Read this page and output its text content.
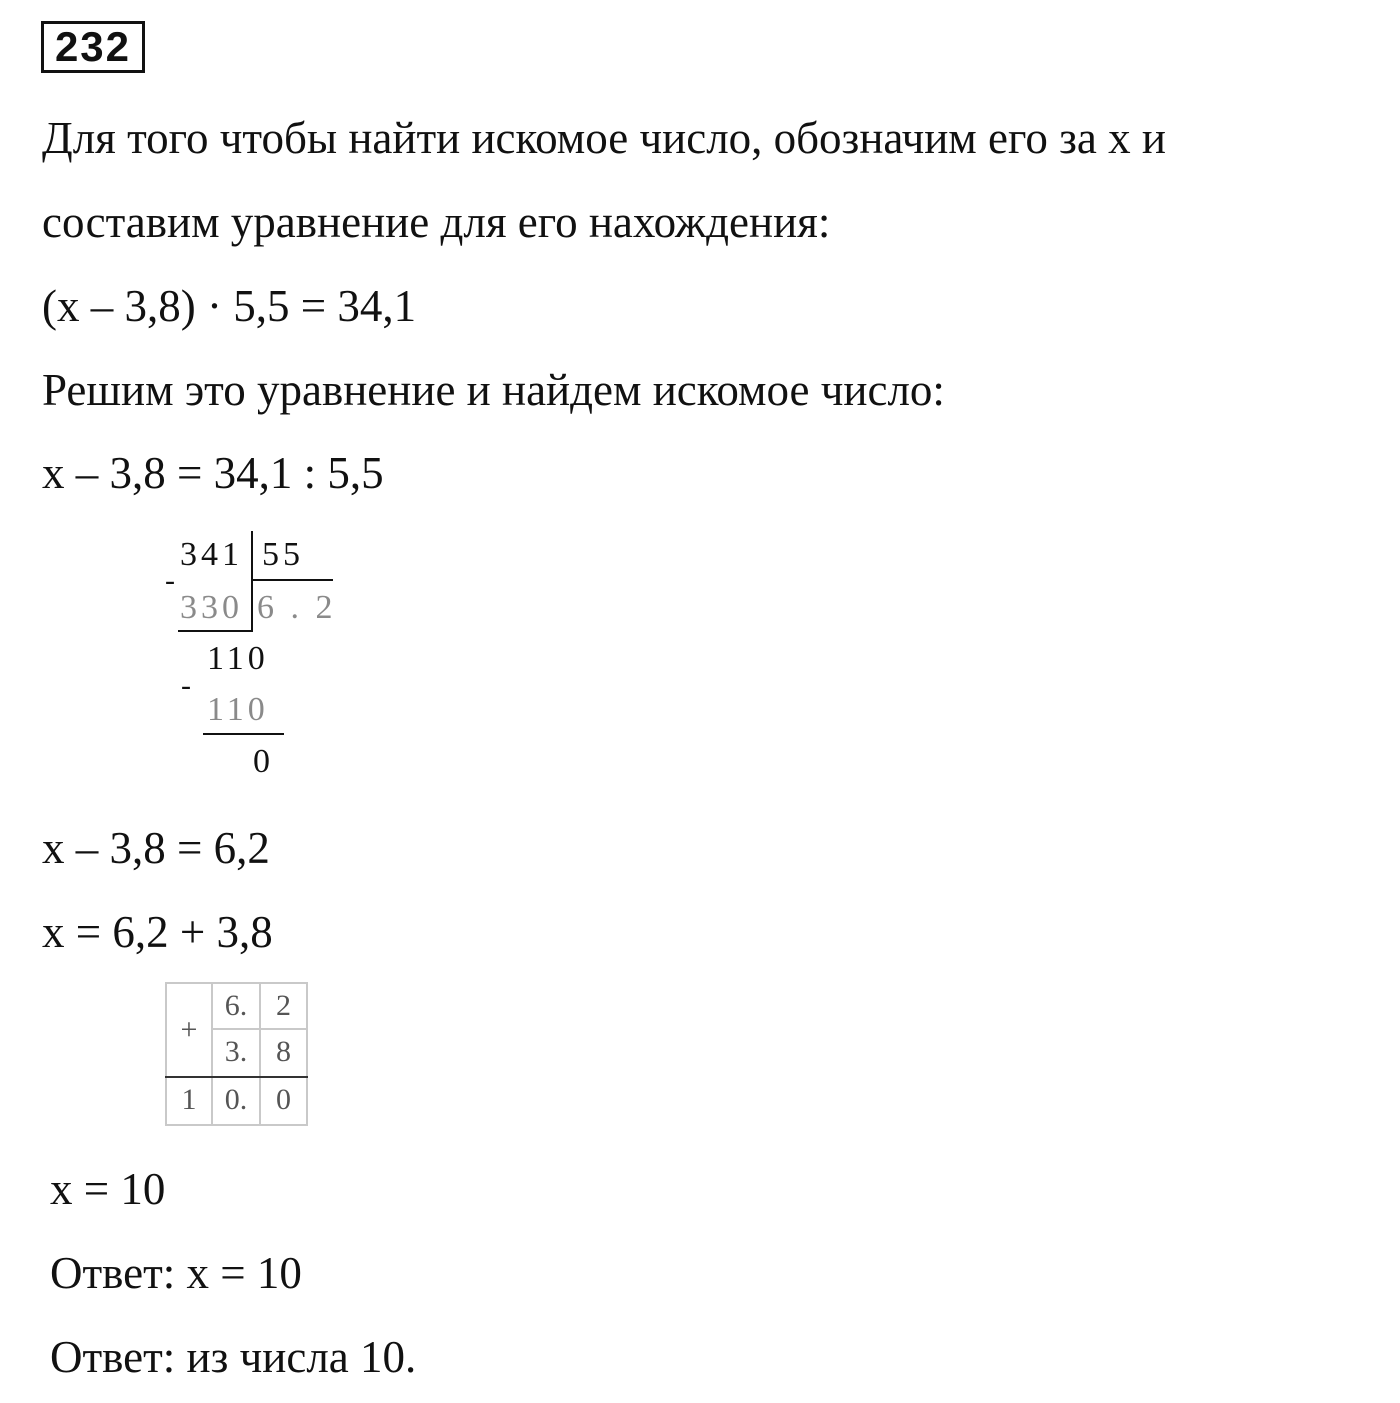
232
Для того чтобы найти искомое число, обозначим его за х и
составим уравнение для его нахождения:
(х – 3,8) · 5,5 = 34,1
Решим это уравнение и найдем искомое число:
х – 3,8 = 34,1 : 5,5
341 55
-
330 6 . 2
110
-
110
0
х – 3,8 = 6,2
х = 6,2 + 3,8
+
6. 2
3. 8
1 0. 0
х = 10
Ответ: х = 10
Ответ: из числа 10.
